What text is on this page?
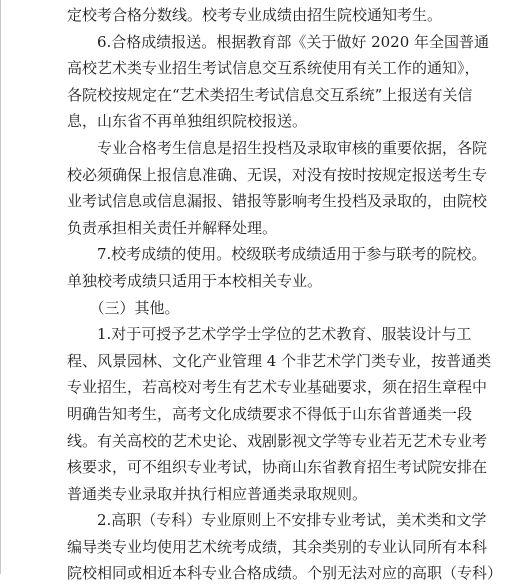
定校考合格分数线。校考专业成绩由招生院校通知考生。
　　6.合格成绩报送。根据教育部《关于做好 2020 年全国普通
高校艺术类专业招生考试信息交互系统使用有关工作的通知》，
各院校按规定在“艺术类招生考试信息交互系统”上报送有关信
息，山东省不再单独组织院校报送。
　　专业合格考生信息是招生投档及录取审核的重要依据，各院
校必须确保上报信息准确、无误，对没有按时按规定报送考生专
业考试信息或信息漏报、错报等影响考生投档及录取的，由院校
负责承担相关责任并解释处理。
　　7.校考成绩的使用。校级联考成绩适用于参与联考的院校。
单独校考成绩只适用于本校相关专业。
　　（三）其他。
　　1.对于可授予艺术学学士学位的艺术教育、服装设计与工
程、风景园林、文化产业管理 4 个非艺术学门类专业，按普通类
专业招生，若高校对考生有艺术专业基础要求，须在招生章程中
明确告知考生，高考文化成绩要求不得低于山东省普通类一段
线。有关高校的艺术史论、戏剧影视文学等专业若无艺术专业考
核要求，可不组织专业考试，协商山东省教育招生考试院安排在
普通类专业录取并执行相应普通类录取规则。
　　2.高职（专科）专业原则上不安排专业考试，美术类和文学
编导类专业均使用艺术统考成绩，其余类别的专业认同所有本科
院校相同或相近本科专业合格成绩。个别无法对应的高职（专科）
